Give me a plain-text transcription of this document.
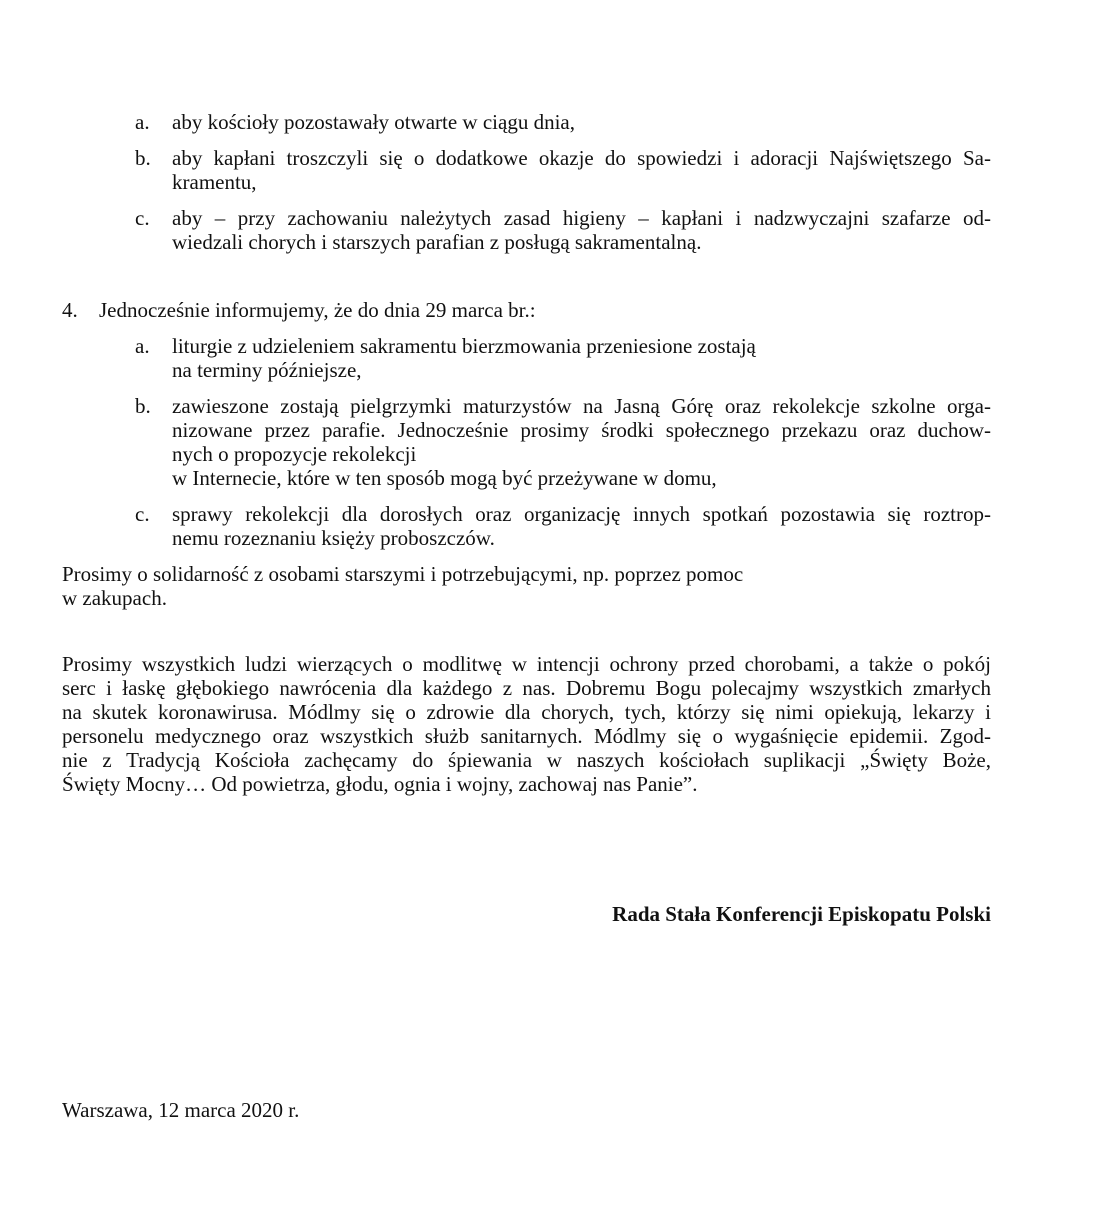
a.	aby kościoły pozostawały otwarte w ciągu dnia,
b.	aby kapłani troszczyli się o dodatkowe okazje do spowiedzi i adoracji Najświętszego Sa-
kramentu,
c.	aby – przy zachowaniu należytych zasad higieny – kapłani i nadzwyczajni szafarze od-
wiedzali chorych i starszych parafian z posługą sakramentalną.
4. Jednocześnie informujemy, że do dnia 29 marca br.:
a.	liturgie z udzieleniem sakramentu bierzmowania przeniesione zostają
na terminy późniejsze,
b.	zawieszone zostają pielgrzymki maturzystów na Jasną Górę oraz rekolekcje szkolne orga-
nizowane przez parafie. Jednocześnie prosimy środki społecznego przekazu oraz duchow-
nych o propozycje rekolekcji
w Internecie, które w ten sposób mogą być przeżywane w domu,
c.	sprawy rekolekcji dla dorosłych oraz organizację innych spotkań pozostawia się roztrop-
nemu rozeznaniu księży proboszczów.
Prosimy o solidarność z osobami starszymi i potrzebującymi, np. poprzez pomoc
w zakupach.
Prosimy wszystkich ludzi wierzących o modlitwę w intencji ochrony przed chorobami, a także o pokój
serc i łaskę głębokiego nawrócenia dla każdego z nas. Dobremu Bogu polecajmy wszystkich zmarłych
na skutek koronawirusa. Módlmy się o zdrowie dla chorych, tych, którzy się nimi opiekują, lekarzy i
personelu medycznego oraz wszystkich służb sanitarnych. Módlmy się o wygaśnięcie epidemii. Zgod-
nie z Tradycją Kościoła zachęcamy do śpiewania w naszych kościołach suplikacji „Święty Boże,
Święty Mocny… Od powietrza, głodu, ognia i wojny, zachowaj nas Panie”.
Rada Stała Konferencji Episkopatu Polski
Warszawa, 12 marca 2020 r.
